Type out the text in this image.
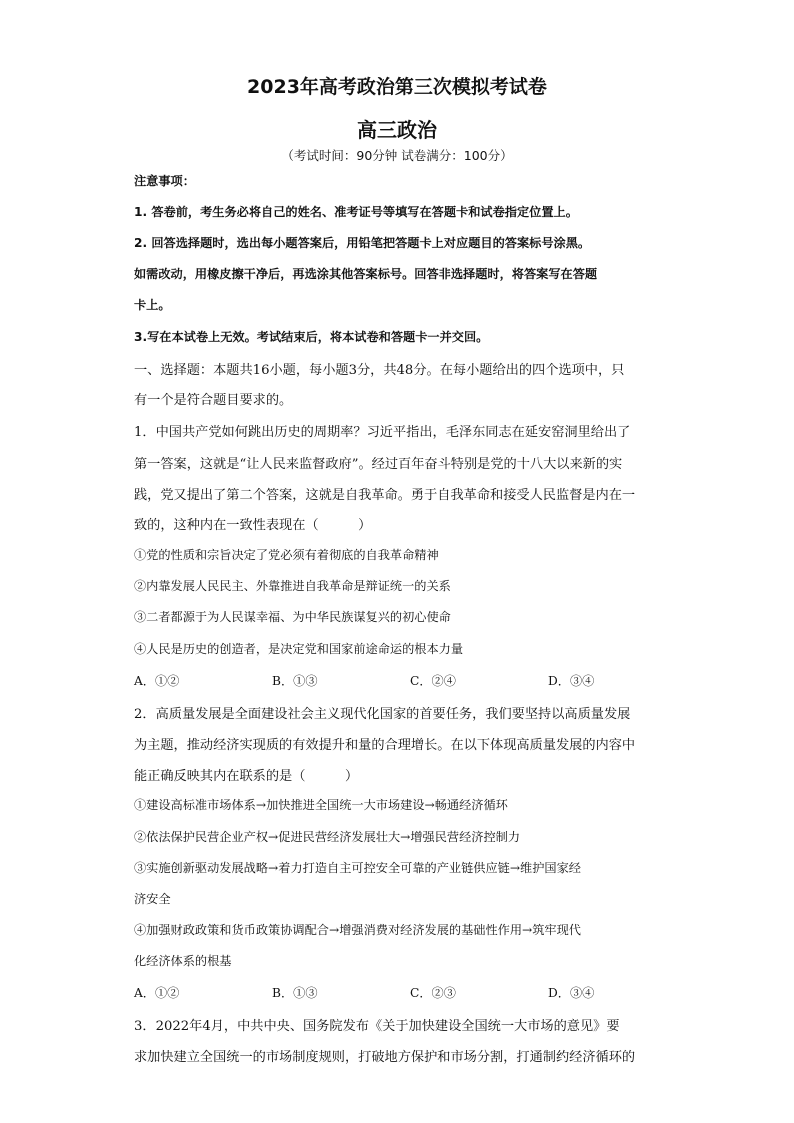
2023年高考政治第三次模拟考试卷
高三政治
（考试时间：90分钟 试卷满分：100分）
注意事项：
1. 答卷前，考生务必将自己的姓名、准考证号等填写在答题卡和试卷指定位置上。
2. 回答选择题时，选出每小题答案后，用铅笔把答题卡上对应题目的答案标号涂黑。
如需改动，用橡皮擦干净后，再选涂其他答案标号。回答非选择题时，将答案写在答题
卡上。
3.写在本试卷上无效。考试结束后，将本试卷和答题卡一并交回。
一、选择题：本题共16小题，每小题3分，共48分。在每小题给出的四个选项中，只
有一个是符合题目要求的。
1．中国共产党如何跳出历史的周期率？习近平指出，毛泽东同志在延安窑洞里给出了
第一答案，这就是“让人民来监督政府”。经过百年奋斗特别是党的十八大以来新的实
践，党又提出了第二个答案，这就是自我革命。勇于自我革命和接受人民监督是内在一
致的，这种内在一致性表现在（　　　）
①党的性质和宗旨决定了党必须有着彻底的自我革命精神
②内靠发展人民民主、外靠推进自我革命是辩证统一的关系
③二者都源于为人民谋幸福、为中华民族谋复兴的初心使命
④人民是历史的创造者，是决定党和国家前途命运的根本力量
A．①②	B．①③	C．②④	D．③④
2．高质量发展是全面建设社会主义现代化国家的首要任务，我们要坚持以高质量发展
为主题，推动经济实现质的有效提升和量的合理增长。在以下体现高质量发展的内容中
能正确反映其内在联系的是（　　　）
①建设高标准市场体系→加快推进全国统一大市场建设→畅通经济循环
②依法保护民营企业产权→促进民营经济发展壮大→增强民营经济控制力
③实施创新驱动发展战略→着力打造自主可控安全可靠的产业链供应链→维护国家经
济安全
④加强财政政策和货币政策协调配合→增强消费对经济发展的基础性作用→筑牢现代
化经济体系的根基
A．①②	B．①③	C．②③	D．③④
3．2022年4月，中共中央、国务院发布《关于加快建设全国统一大市场的意见》要
求加快建立全国统一的市场制度规则，打破地方保护和市场分割，打通制约经济循环的
